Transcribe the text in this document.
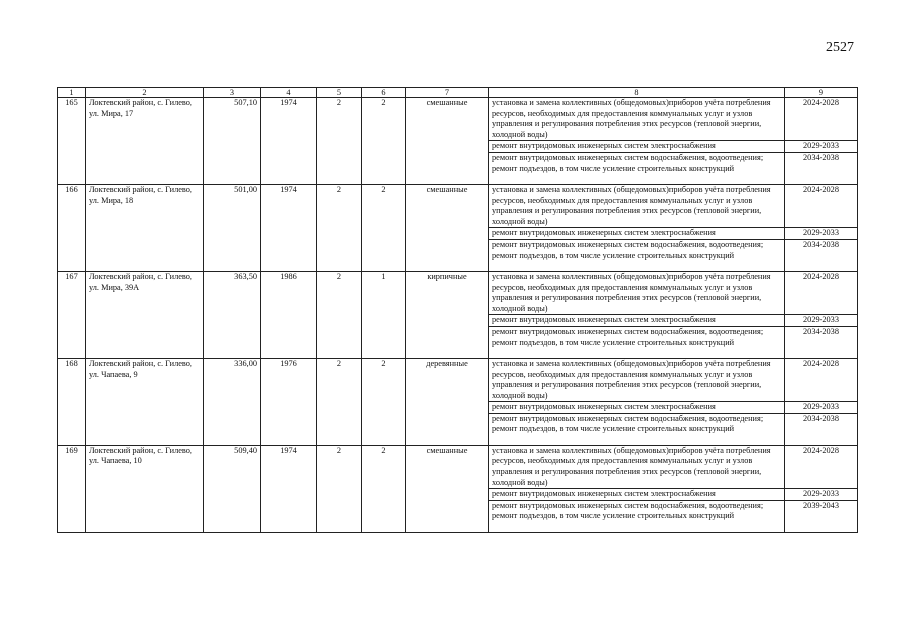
2527
1	2	3	4	5	6	7	8	9
165	Локтевский район, с. Гилево, ул. Мира, 17	507,10	1974	2	2	смешанные	установка и замена коллективных (общедомовых)приборов учёта потребления ресурсов, необходимых для предоставления коммунальных услуг и узлов управления и регулирования потребления этих ресурсов (тепловой энергии, холодной воды)	2024-2028
							ремонт внутридомовых инженерных систем электроснабжения	2029-2033
							ремонт внутридомовых инженерных систем водоснабжения, водоотведения; ремонт подъездов, в том числе усиление строительных конструкций	2034-2038
166	Локтевский район, с. Гилево, ул. Мира, 18	501,00	1974	2	2	смешанные	установка и замена коллективных (общедомовых)приборов учёта потребления ресурсов, необходимых для предоставления коммунальных услуг и узлов управления и регулирования потребления этих ресурсов (тепловой энергии, холодной воды)	2024-2028
							ремонт внутридомовых инженерных систем электроснабжения	2029-2033
							ремонт внутридомовых инженерных систем водоснабжения, водоотведения; ремонт подъездов, в том числе усиление строительных конструкций	2034-2038
167	Локтевский район, с. Гилево, ул. Мира, 39А	363,50	1986	2	1	кирпичные	установка и замена коллективных (общедомовых)приборов учёта потребления ресурсов, необходимых для предоставления коммунальных услуг и узлов управления и регулирования потребления этих ресурсов (тепловой энергии, холодной воды)	2024-2028
							ремонт внутридомовых инженерных систем электроснабжения	2029-2033
							ремонт внутридомовых инженерных систем водоснабжения, водоотведения; ремонт подъездов, в том числе усиление строительных конструкций	2034-2038
168	Локтевский район, с. Гилево, ул. Чапаева, 9	336,00	1976	2	2	деревянные	установка и замена коллективных (общедомовых)приборов учёта потребления ресурсов, необходимых для предоставления коммунальных услуг и узлов управления и регулирования потребления этих ресурсов (тепловой энергии, холодной воды)	2024-2028
							ремонт внутридомовых инженерных систем электроснабжения	2029-2033
							ремонт внутридомовых инженерных систем водоснабжения, водоотведения; ремонт подъездов, в том числе усиление строительных конструкций	2034-2038
169	Локтевский район, с. Гилево, ул. Чапаева, 10	509,40	1974	2	2	смешанные	установка и замена коллективных (общедомовых)приборов учёта потребления ресурсов, необходимых для предоставления коммунальных услуг и узлов управления и регулирования потребления этих ресурсов (тепловой энергии, холодной воды)	2024-2028
							ремонт внутридомовых инженерных систем электроснабжения	2029-2033
							ремонт внутридомовых инженерных систем водоснабжения, водоотведения; ремонт подъездов, в том числе усиление строительных конструкций	2039-2043
